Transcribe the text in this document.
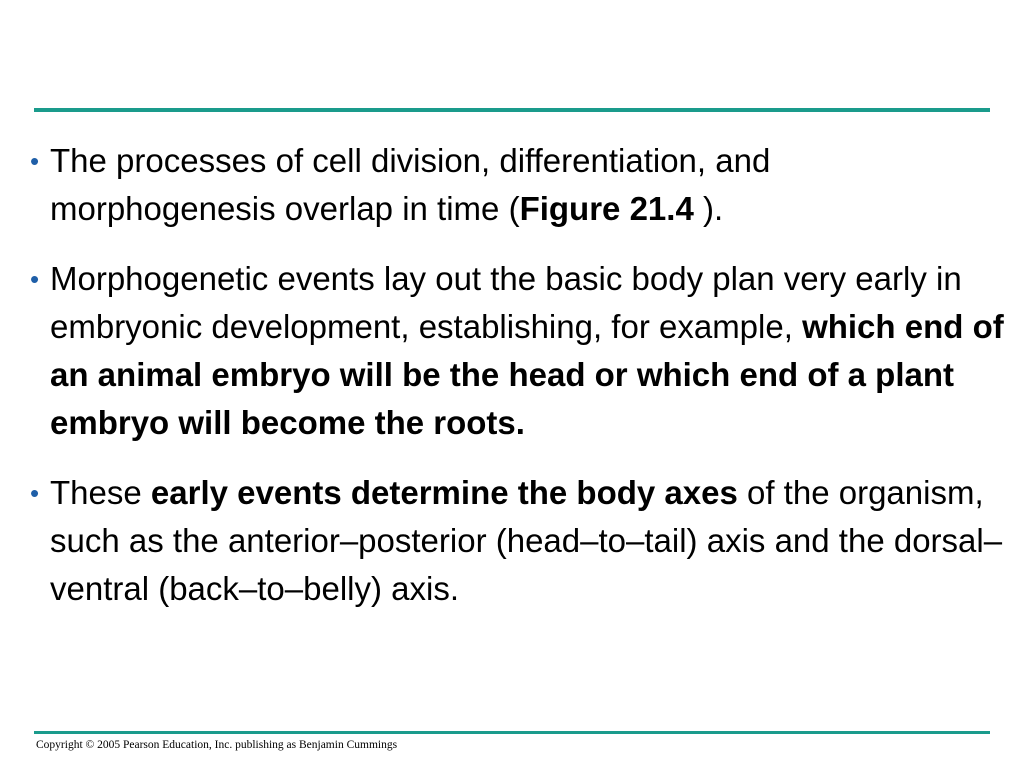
• The processes of cell division, differentiation, and morphogenesis overlap in time (Figure 21.4 ).
• Morphogenetic events lay out the basic body plan very early in embryonic development, establishing, for example, which end of an animal embryo will be the head or which end of a plant embryo will become the roots.
• These early events determine the body axes of the organism, such as the anterior–posterior (head–to–tail) axis and the dorsal–ventral (back–to–belly) axis.
Copyright © 2005 Pearson Education, Inc. publishing as Benjamin Cummings
